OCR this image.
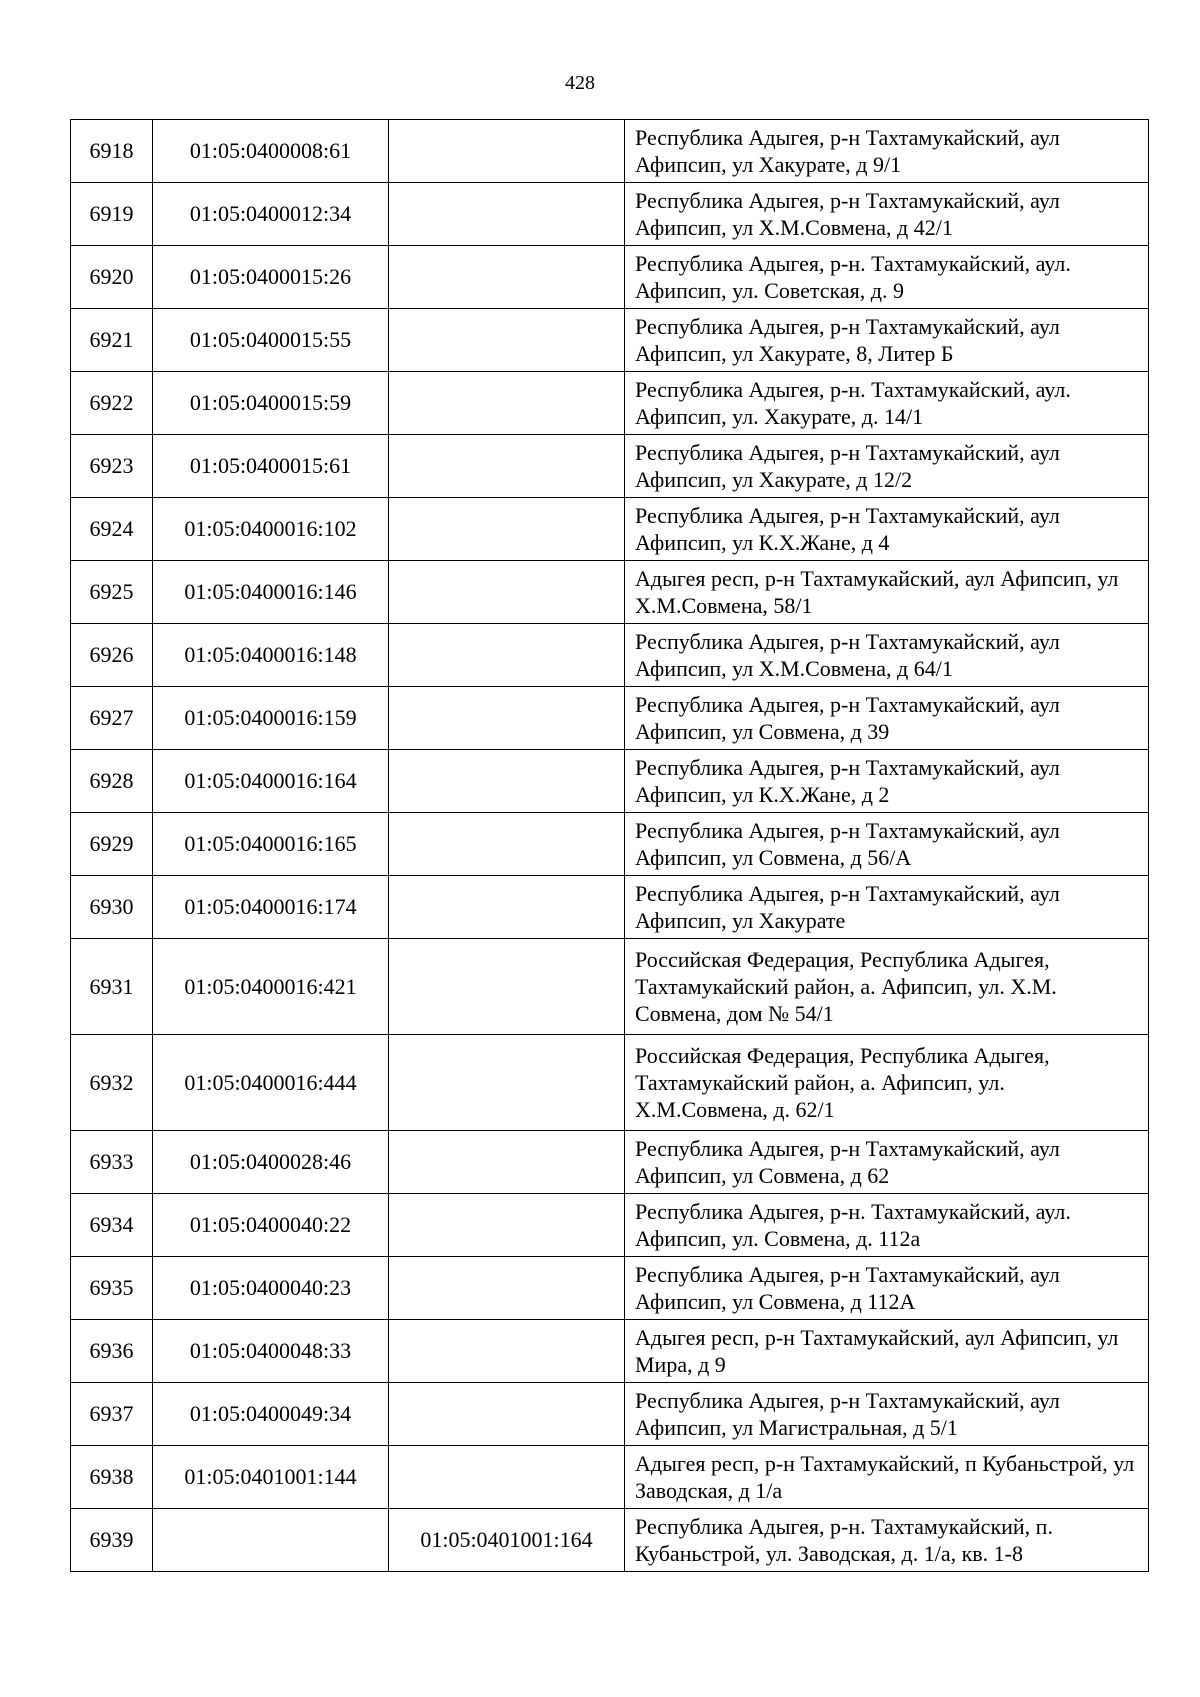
428
6918	01:05:0400008:61		Республика Адыгея, р-н Тахтамукайский, аул Афипсип, ул Хакурате, д 9/1
6919	01:05:0400012:34		Республика Адыгея, р-н Тахтамукайский, аул Афипсип, ул Х.М.Совмена, д 42/1
6920	01:05:0400015:26		Республика Адыгея, р-н. Тахтамукайский, аул. Афипсип, ул. Советская, д. 9
6921	01:05:0400015:55		Республика Адыгея, р-н Тахтамукайский, аул Афипсип, ул Хакурате, 8, Литер Б
6922	01:05:0400015:59		Республика Адыгея, р-н. Тахтамукайский, аул. Афипсип, ул. Хакурате, д. 14/1
6923	01:05:0400015:61		Республика Адыгея, р-н Тахтамукайский, аул Афипсип, ул Хакурате, д 12/2
6924	01:05:0400016:102		Республика Адыгея, р-н Тахтамукайский, аул Афипсип, ул К.Х.Жане, д 4
6925	01:05:0400016:146		Адыгея респ, р-н Тахтамукайский, аул Афипсип, ул Х.М.Совмена, 58/1
6926	01:05:0400016:148		Республика Адыгея, р-н Тахтамукайский, аул Афипсип, ул Х.М.Совмена, д 64/1
6927	01:05:0400016:159		Республика Адыгея, р-н Тахтамукайский, аул Афипсип, ул Совмена, д 39
6928	01:05:0400016:164		Республика Адыгея, р-н Тахтамукайский, аул Афипсип, ул К.Х.Жане, д 2
6929	01:05:0400016:165		Республика Адыгея, р-н Тахтамукайский, аул Афипсип, ул Совмена, д 56/А
6930	01:05:0400016:174		Республика Адыгея, р-н Тахтамукайский, аул Афипсип, ул Хакурате
6931	01:05:0400016:421		Российская Федерация, Республика Адыгея, Тахтамукайский район, а. Афипсип, ул. Х.М. Совмена, дом № 54/1
6932	01:05:0400016:444		Российская Федерация, Республика Адыгея, Тахтамукайский район, а. Афипсип, ул. Х.М.Совмена, д. 62/1
6933	01:05:0400028:46		Республика Адыгея, р-н Тахтамукайский, аул Афипсип, ул Совмена, д 62
6934	01:05:0400040:22		Республика Адыгея, р-н. Тахтамукайский, аул. Афипсип, ул. Совмена, д. 112а
6935	01:05:0400040:23		Республика Адыгея, р-н Тахтамукайский, аул Афипсип, ул Совмена, д 112А
6936	01:05:0400048:33		Адыгея респ, р-н Тахтамукайский, аул Афипсип, ул Мира, д 9
6937	01:05:0400049:34		Республика Адыгея, р-н Тахтамукайский, аул Афипсип, ул Магистральная, д 5/1
6938	01:05:0401001:144		Адыгея респ, р-н Тахтамукайский, п Кубаньстрой, ул Заводская, д 1/а
6939		01:05:0401001:164	Республика Адыгея, р-н. Тахтамукайский, п. Кубаньстрой, ул. Заводская, д. 1/а, кв. 1-8
